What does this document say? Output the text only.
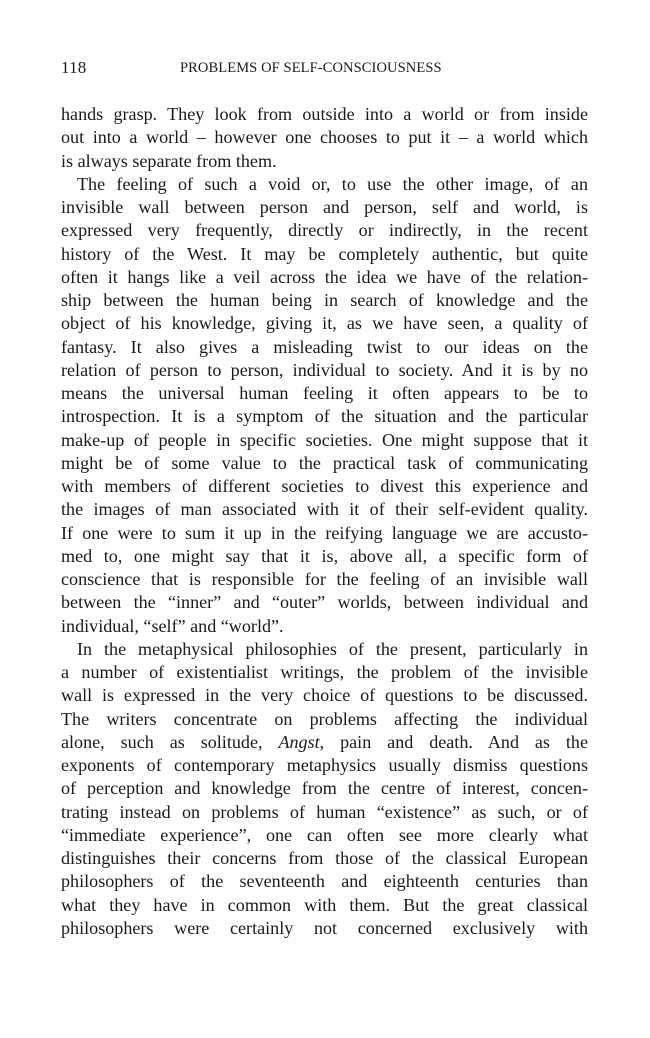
118	PROBLEMS OF SELF-CONSCIOUSNESS
hands grasp. They look from outside into a world or from inside
out into a world – however one chooses to put it – a world which
is always separate from them.
The feeling of such a void or, to use the other image, of an
invisible wall between person and person, self and world, is
expressed very frequently, directly or indirectly, in the recent
history of the West. It may be completely authentic, but quite
often it hangs like a veil across the idea we have of the relation-
ship between the human being in search of knowledge and the
object of his knowledge, giving it, as we have seen, a quality of
fantasy. It also gives a misleading twist to our ideas on the
relation of person to person, individual to society. And it is by no
means the universal human feeling it often appears to be to
introspection. It is a symptom of the situation and the particular
make-up of people in specific societies. One might suppose that it
might be of some value to the practical task of communicating
with members of different societies to divest this experience and
the images of man associated with it of their self-evident quality.
If one were to sum it up in the reifying language we are accusto-
med to, one might say that it is, above all, a specific form of
conscience that is responsible for the feeling of an invisible wall
between the “inner” and “outer” worlds, between individual and
individual, “self” and “world”.
In the metaphysical philosophies of the present, particularly in
a number of existentialist writings, the problem of the invisible
wall is expressed in the very choice of questions to be discussed.
The writers concentrate on problems affecting the individual
alone, such as solitude, Angst, pain and death. And as the
exponents of contemporary metaphysics usually dismiss questions
of perception and knowledge from the centre of interest, concen-
trating instead on problems of human “existence” as such, or of
“immediate experience”, one can often see more clearly what
distinguishes their concerns from those of the classical European
philosophers of the seventeenth and eighteenth centuries than
what they have in common with them. But the great classical
philosophers were certainly not concerned exclusively with
